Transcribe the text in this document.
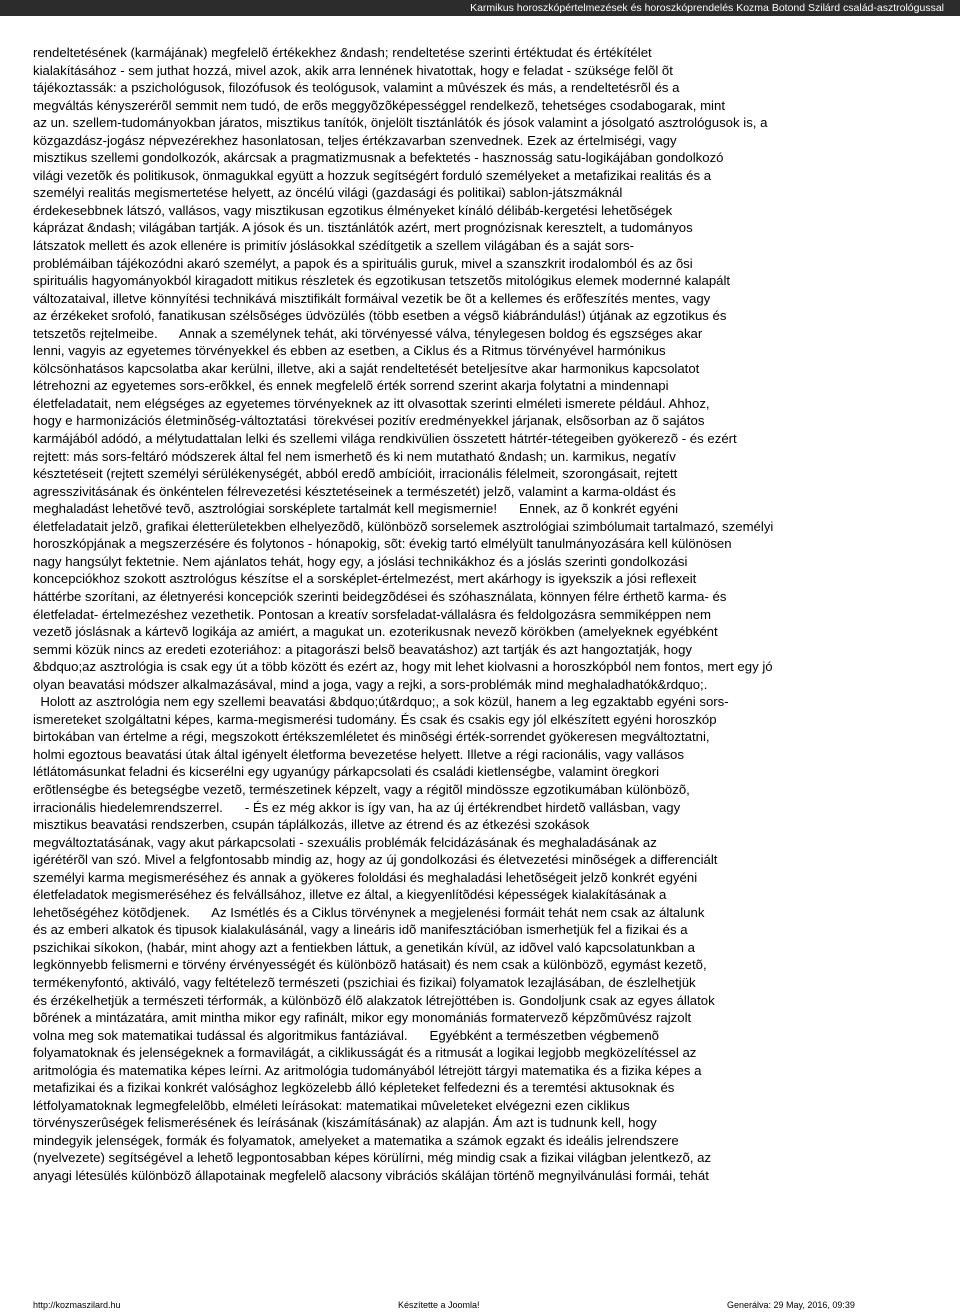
Karmikus horoszkópértelmezések és horoszkóprendelés Kozma Botond Szilárd család-asztrológussal
rendeltetésének (karmájának) megfelelõ értékekhez &ndash; rendeltetése szerinti értéktudat és értékítélet
kialakításához - sem juthat hozzá, mivel azok, akik arra lennének hivatottak, hogy e feladat - szüksége felõl õt
tájékoztassák: a pszichológusok, filozófusok és teológusok, valamint a mûvészek és más, a rendeltetésrõl és a
megváltás kényszerérõl semmit nem tudó, de erõs meggyõzõképességgel rendelkezõ, tehetséges csodabogarak, mint
az un. szellem-tudományokban járatos, misztikus tanítók, önjelölt tisztánlátók és jósok valamint a jósolgató asztrológusok is, a
közgazdász-jogász népvezérekhez hasonlatosan, teljes értékzavarban szenvednek. Ezek az értelmiségi, vagy
misztikus szellemi gondolkozók, akárcsak a pragmatizmusnak a befektetés - hasznosság satu-logikájában gondolkozó
világi vezetõk és politikusok, önmagukkal együtt a hozzuk segítségért forduló személyeket a metafizikai realitás és a
személyi realitás megismertetése helyett, az öncélú világi (gazdasági és politikai) sablon-játszmáknál
érdekesebbnek látszó, vallásos, vagy misztikusan egzotikus élményeket kínáló délibáb-kergetési lehetõségek
káprázat &ndash; világában tartják. A jósok és un. tisztánlátók azért, mert prognózisnak keresztelt, a tudományos
látszatok mellett és azok ellenére is primitív jóslásokkal szédítgetik a szellem világában és a saját sors-
problémáiban tájékozódni akaró személyt, a papok és a spirituális guruk, mivel a szanszkrit irodalomból és az õsi
spirituális hagyományokból kiragadott mitikus részletek és egzotikusan tetszetõs mitológikus elemek modernné kalapált
változataival, illetve könnyítési technikává misztifikált formáival vezetik be õt a kellemes és erõfeszítés mentes, vagy
az érzékeket srofoló, fanatikusan szélsõséges üdvözülés (több esetben a végsõ kiábrándulás!) útjának az egzotikus és
tetszetõs rejtelmeibe.      Annak a személynek tehát, aki törvényessé válva, ténylegesen boldog és egszséges akar
lenni, vagyis az egyetemes törvényekkel és ebben az esetben, a Ciklus és a Ritmus törvényével harmónikus
kölcsönhatásos kapcsolatba akar kerülni, illetve, aki a saját rendeltetését beteljesítve akar harmonikus kapcsolatot
létrehozni az egyetemes sors-erõkkel, és ennek megfelelõ érték sorrend szerint akarja folytatni a mindennapi
életfeladatait, nem elégséges az egyetemes törvényeknek az itt olvasottak szerinti elméleti ismerete például. Ahhoz,
hogy e harmonizációs életminõség-változtatási  törekvései pozitív eredményekkel járjanak, elsõsorban az õ sajátos
karmájából adódó, a mélytudattalan lelki és szellemi világa rendkivülien összetett hátrtér-tétegeiben gyökerezõ - és ezért
rejtett: más sors-feltáró módszerek által fel nem ismerhetõ és ki nem mutatható &ndash; un. karmikus, negatív
késztetéseit (rejtett személyi sérülékenységét, abból eredõ ambícióit, irracionális félelmeit, szorongásait, rejtett
agresszivitásának és önkéntelen félrevezetési késztetéseinek a természetét) jelzõ, valamint a karma-oldást és
meghaladást lehetõvé tevõ, asztrológiai sorsképlete tartalmát kell megismernie!      Ennek, az õ konkrét egyéni
életfeladatait jelzõ, grafikai életterületekben elhelyezõdõ, különbözõ sorselemek asztrológiai szimbólumait tartalmazó, személyi
horoszkópjának a megszerzésére és folytonos - hónapokig, sõt: évekig tartó elmélyült tanulmányozására kell különösen
nagy hangsúlyt fektetnie. Nem ajánlatos tehát, hogy egy, a jóslási technikákhoz és a jóslás szerinti gondolkozási
koncepciókhoz szokott asztrológus készítse el a sorsképlet-értelmezést, mert akárhogy is igyekszik a jósi reflexeit
háttérbe szorítani, az életnyerési koncepciók szerinti beidegzõdései és szóhasználata, könnyen félre érthetõ karma- és
életfeladat- értelmezéshez vezethetik. Pontosan a kreatív sorsfeladat-vállalásra és feldolgozásra semmiképpen nem
vezetõ jóslásnak a kártevõ logikája az amiért, a magukat un. ezoterikusnak nevezõ körökben (amelyeknek egyébként
semmi közük nincs az eredeti ezoteriához: a pitagorászi belsõ beavatáshoz) azt tartják és azt hangoztatják, hogy
&bdquo;az asztrológia is csak egy út a több között és ezért az, hogy mit lehet kiolvasni a horoszkópból nem fontos, mert egy jó
olyan beavatási módszer alkalmazásával, mind a joga, vagy a rejki, a sors-problémák mind meghaladhatók&rdquo;.
Holott az asztrológia nem egy szellemi beavatási &bdquo;út&rdquo;, a sok közül, hanem a leg egzaktabb egyéni sors-
ismereteket szolgáltatni képes, karma-megismerési tudomány. És csak és csakis egy jól elkészített egyéni horoszkóp
birtokában van értelme a régi, megszokott értékszemléletet és minõségi érték-sorrendet gyökeresen megváltoztatni,
holmi egoztous beavatási útak által igényelt életforma bevezetése helyett. Illetve a régi racionális, vagy vallásos
létlátomásunkat feladni és kicserélni egy ugyanúgy párkapcsolati és családi kietlenségbe, valamint öregkori
erõtlenségbe és betegségbe vezetõ, természetinek képzelt, vagy a régitõl mindössze egzotikumában különbözõ,
irracionális hiedelemrendszerrel.      - És ez még akkor is így van, ha az új értékrendbet hirdetõ vallásban, vagy
misztikus beavatási rendszerben, csupán táplálkozás, illetve az étrend és az étkezési szokások
megváltoztatásának, vagy akut párkapcsolati - szexuális problémák felcidázásának és meghaladásának az
igérétérõl van szó. Mivel a felgfontosabb mindig az, hogy az új gondolkozási és életvezetési minõségek a differenciált
személyi karma megismeréséhez és annak a gyökeres fololdási és meghaladási lehetõségeit jelzõ konkrét egyéni
életfeladatok megismeréséhez és felvállsához, illetve ez által, a kiegyenlítõdési képességek kialakításának a
lehetõségéhez kötõdjenek.      Az Ismétlés és a Ciklus törvénynek a megjelenési formáit tehát nem csak az általunk
és az emberi alkatok és tipusok kialakulásánál, vagy a lineáris idõ manifesztációban ismerhetjük fel a fizikai és a
pszichikai síkokon, (habár, mint ahogy azt a fentiekben láttuk, a genetikán kívül, az idõvel való kapcsolatunkban a
legkönnyebb felismerni e törvény érvényességét és különbözõ hatásait) és nem csak a különbözõ, egymást kezetõ,
termékenyfontó, aktiváló, vagy feltételezõ természeti (pszichiai és fizikai) folyamatok lezajlásában, de észlelhetjük
és érzékelhetjük a természeti térformák, a különbözõ élõ alakzatok létrejöttében is. Gondoljunk csak az egyes állatok
bõrének a mintázatára, amit mintha mikor egy rafinált, mikor egy monomániás formatervezõ képzõmûvész rajzolt
volna meg sok matematikai tudással és algoritmikus fantáziával.      Egyébként a természetben végbemenõ
folyamatoknak és jelenségeknek a formavilágát, a ciklikusságát és a ritmusát a logikai legjobb megközelítéssel az
aritmológia és matematika képes leírni. Az aritmológia tudományából létrejött tárgyi matematika és a fizika képes a
metafizikai és a fizikai konkrét valósághoz legközelebb álló képleteket felfedezni és a teremtési aktusoknak és
létfolyamatoknak legmegfelelõbb, elméleti leírásokat: matematikai mûveleteket elvégezni ezen ciklikus
törvényszerûségek felismerésének és leírásának (kiszámításának) az alapján. Ám azt is tudnunk kell, hogy
mindegyik jelenségek, formák és folyamatok, amelyeket a matematika a számok egzakt és ideális jelrendszere
(nyelvezete) segítségével a lehetõ legpontosabban képes körülírni, még mindig csak a fizikai világban jelentkezõ, az
anyagi létesülés különbözõ állapotainak megfelelõ alacsony vibrációs skálájan történõ megnyilvánulási formái, tehát
http://kozmaszilard.hu	Készítette a Joomla!	Generálva: 29 May, 2016, 09:39
